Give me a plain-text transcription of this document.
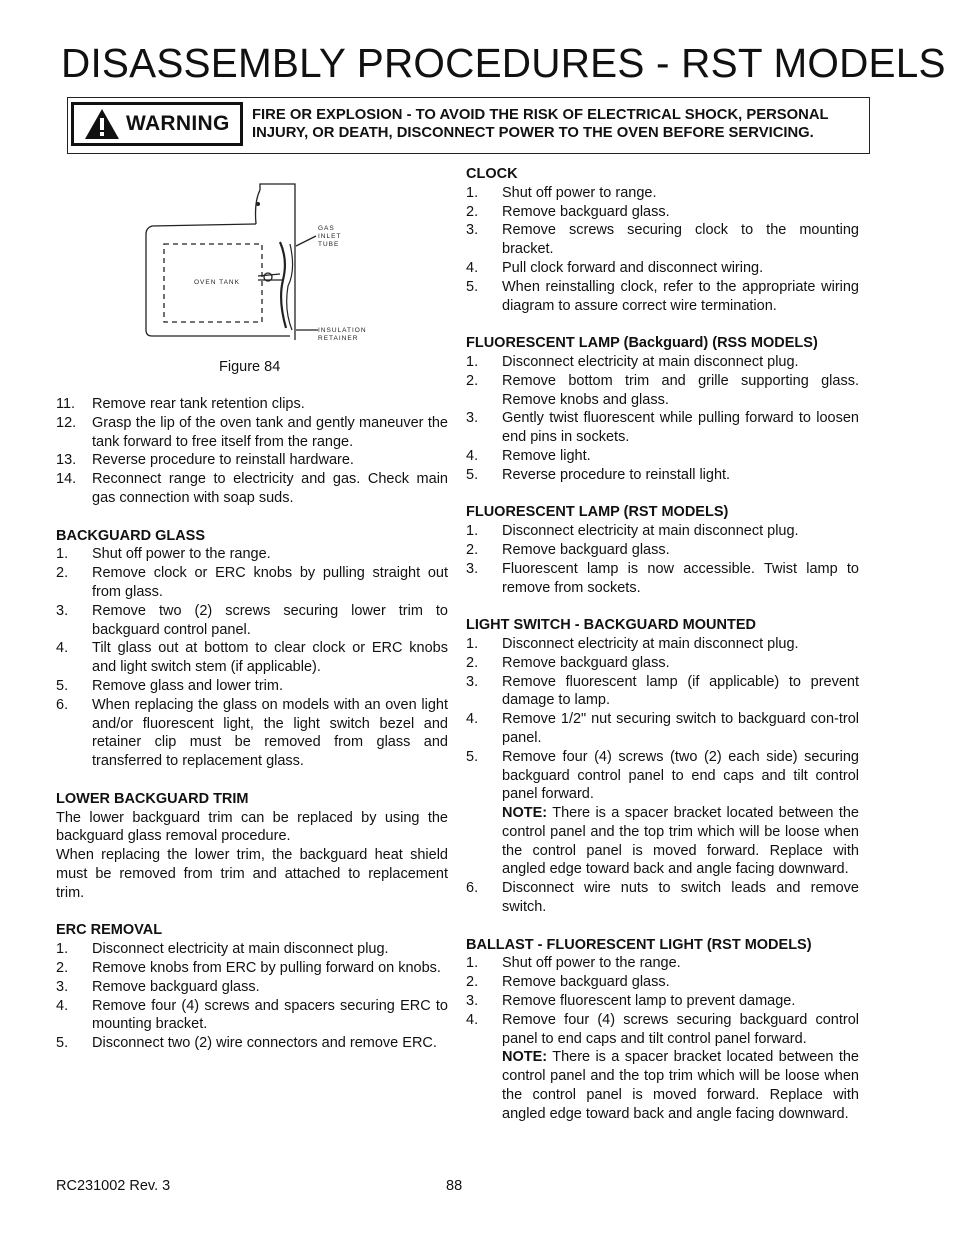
DISASSEMBLY PROCEDURES - RST MODELS
WARNING FIRE OR EXPLOSION - TO AVOID THE RISK OF ELECTRICAL SHOCK, PERSONAL INJURY, OR DEATH, DISCONNECT POWER TO THE OVEN BEFORE SERVICING.
GAS
INLET
TUBE
OVEN TANK
INSULATION
RETAINER
Figure 84
11. Remove rear tank retention clips.
12. Grasp the lip of the oven tank and gently maneuver the tank forward to free itself from the range.
13. Reverse procedure to reinstall hardware.
14. Reconnect range to electricity and gas. Check main gas connection with soap suds.

BACKGUARD GLASS

1. Shut off power to the range.
2. Remove clock or ERC knobs by pulling straight out from glass.
3. Remove two (2) screws securing lower trim to backguard control panel.
4. Tilt glass out at bottom to clear clock or ERC knobs and light switch stem (if applicable).
5. Remove glass and lower trim.
6. When replacing the glass on models with an oven light and/or fluorescent light, the light switch bezel and retainer clip must be removed from glass and transferred to replacement glass.

LOWER BACKGUARD TRIM

The lower backguard trim can be replaced by using the backguard glass removal procedure.

When replacing the lower trim, the backguard heat shield must be removed from trim and attached to replacement trim.

ERC REMOVAL

1. Disconnect electricity at main disconnect plug.
2. Remove knobs from ERC by pulling forward on knobs.
3. Remove backguard glass.
4. Remove four (4) screws and spacers securing ERC to mounting bracket.
5. Disconnect two (2) wire connectors and remove ERC.

CLOCK

1. Shut off power to range.
2. Remove backguard glass.
3. Remove screws securing clock to the mounting bracket.
4. Pull clock forward and disconnect wiring.
5. When reinstalling clock, refer to the appropriate wiring diagram to assure correct wire termination.

FLUORESCENT LAMP (Backguard) (RSS MODELS)

1. Disconnect electricity at main disconnect plug.
2. Remove bottom trim and grille supporting glass. Remove knobs and glass.
3. Gently twist fluorescent while pulling forward to loosen end pins in sockets.
4. Remove light.
5. Reverse procedure to reinstall light.

FLUORESCENT LAMP (RST MODELS)

1. Disconnect electricity at main disconnect plug.
2. Remove backguard glass.
3. Fluorescent lamp is now accessible. Twist lamp to remove from sockets.

LIGHT SWITCH - BACKGUARD MOUNTED

1. Disconnect electricity at main disconnect plug.
2. Remove backguard glass.
3. Remove fluorescent lamp (if applicable) to prevent damage to lamp.
4. Remove 1/2" nut securing switch to backguard con-trol panel.
5. Remove four (4) screws (two (2) each side) securing backguard control panel to end caps and tilt control panel forward.
NOTE: There is a spacer bracket located between the control panel and the top trim which will be loose when the control panel is moved forward. Replace with angled edge toward back and angle facing downward.
6. Disconnect wire nuts to switch leads and remove switch.

BALLAST - FLUORESCENT LIGHT (RST MODELS)

1. Shut off power to the range.
2. Remove backguard glass.
3. Remove fluorescent lamp to prevent damage.
4. Remove four (4) screws securing backguard control panel to end caps and tilt control panel forward.
NOTE: There is a spacer bracket located between the control panel and the top trim which will be loose when the control panel is moved forward. Replace with angled edge toward back and angle facing downward.
RC231002 Rev. 3	88
